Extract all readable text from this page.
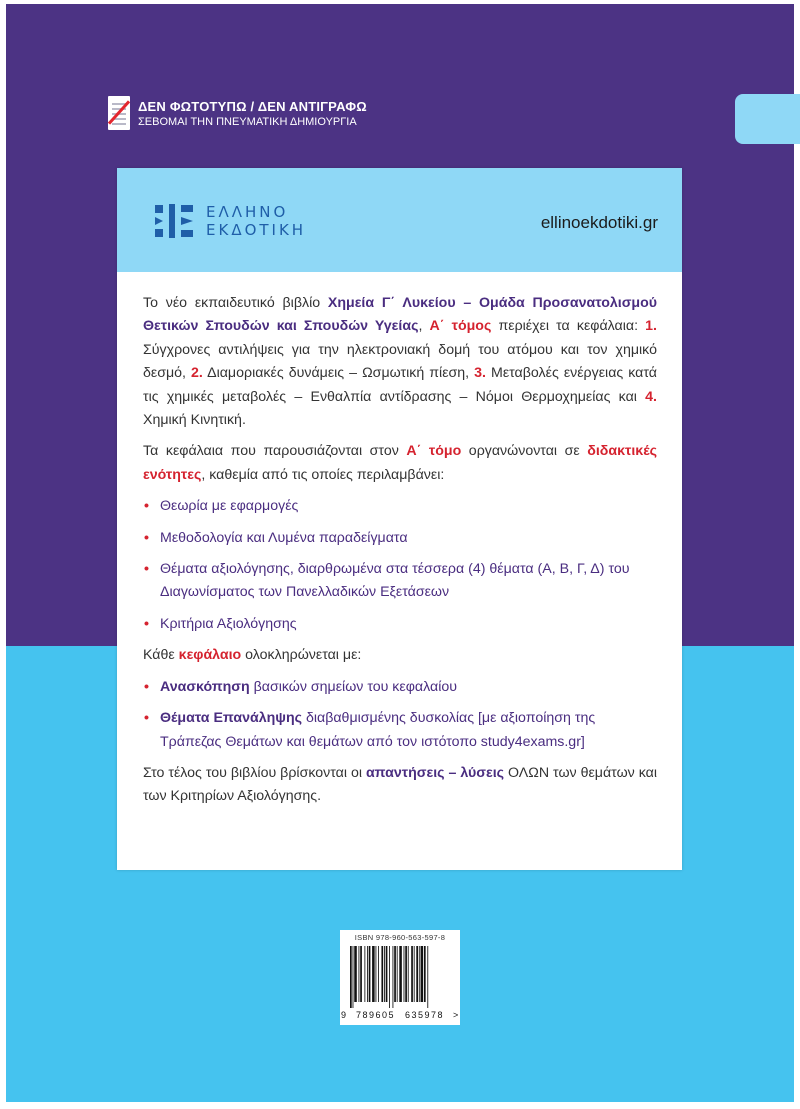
ΔΕΝ ΦΩΤΟΤΥΠΩ / ΔΕΝ ΑΝΤΙΓΡΑΦΩ
ΣΕΒΟΜΑΙ ΤΗΝ ΠΝΕΥΜΑΤΙΚΗ ΔΗΜΙΟΥΡΓΙΑ
ΕΛΛΗΝΟ
ΕΚΔΟΤΙΚΗ	ellinoekdotiki.gr

Το νέο εκπαιδευτικό βιβλίο Χημεία Γ΄ Λυκείου – Ομάδα Προσανατολισμού Θετικών Σπουδών και Σπουδών Υγείας, Α΄ τόμος περιέχει τα κεφάλαια: 1. Σύγχρονες αντιλήψεις για την ηλεκτρονιακή δομή του ατόμου και τον χημικό δεσμό, 2. Διαμοριακές δυνάμεις – Ωσμωτική πίεση, 3. Μεταβολές ενέργειας κατά τις χημικές μεταβολές – Ενθαλπία αντίδρασης – Νόμοι Θερμοχημείας και 4. Χημική Κινητική.

Τα κεφάλαια που παρουσιάζονται στον Α΄ τόμο οργανώνονται σε διδακτικές ενότητες, καθεμία από τις οποίες περιλαμβάνει:

• Θεωρία με εφαρμογές
• Μεθοδολογία και Λυμένα παραδείγματα
• Θέματα αξιολόγησης, διαρθρωμένα στα τέσσερα (4) θέματα (Α, Β, Γ, Δ) του Διαγωνίσματος των Πανελλαδικών Εξετάσεων
• Κριτήρια Αξιολόγησης

Κάθε κεφάλαιο ολοκληρώνεται με:

• Ανασκόπηση βασικών σημείων του κεφαλαίου
• Θέματα Επανάληψης διαβαθμισμένης δυσκολίας [με αξιοποίηση της Τράπεζας Θεμάτων και θεμάτων από τον ιστότοπο study4exams.gr]

Στο τέλος του βιβλίου βρίσκονται οι απαντήσεις – λύσεις ΟΛΩΝ των θεμάτων και των Κριτηρίων Αξιολόγησης.

ISBN 978-960-563-597-8
9 789605 635978 >
